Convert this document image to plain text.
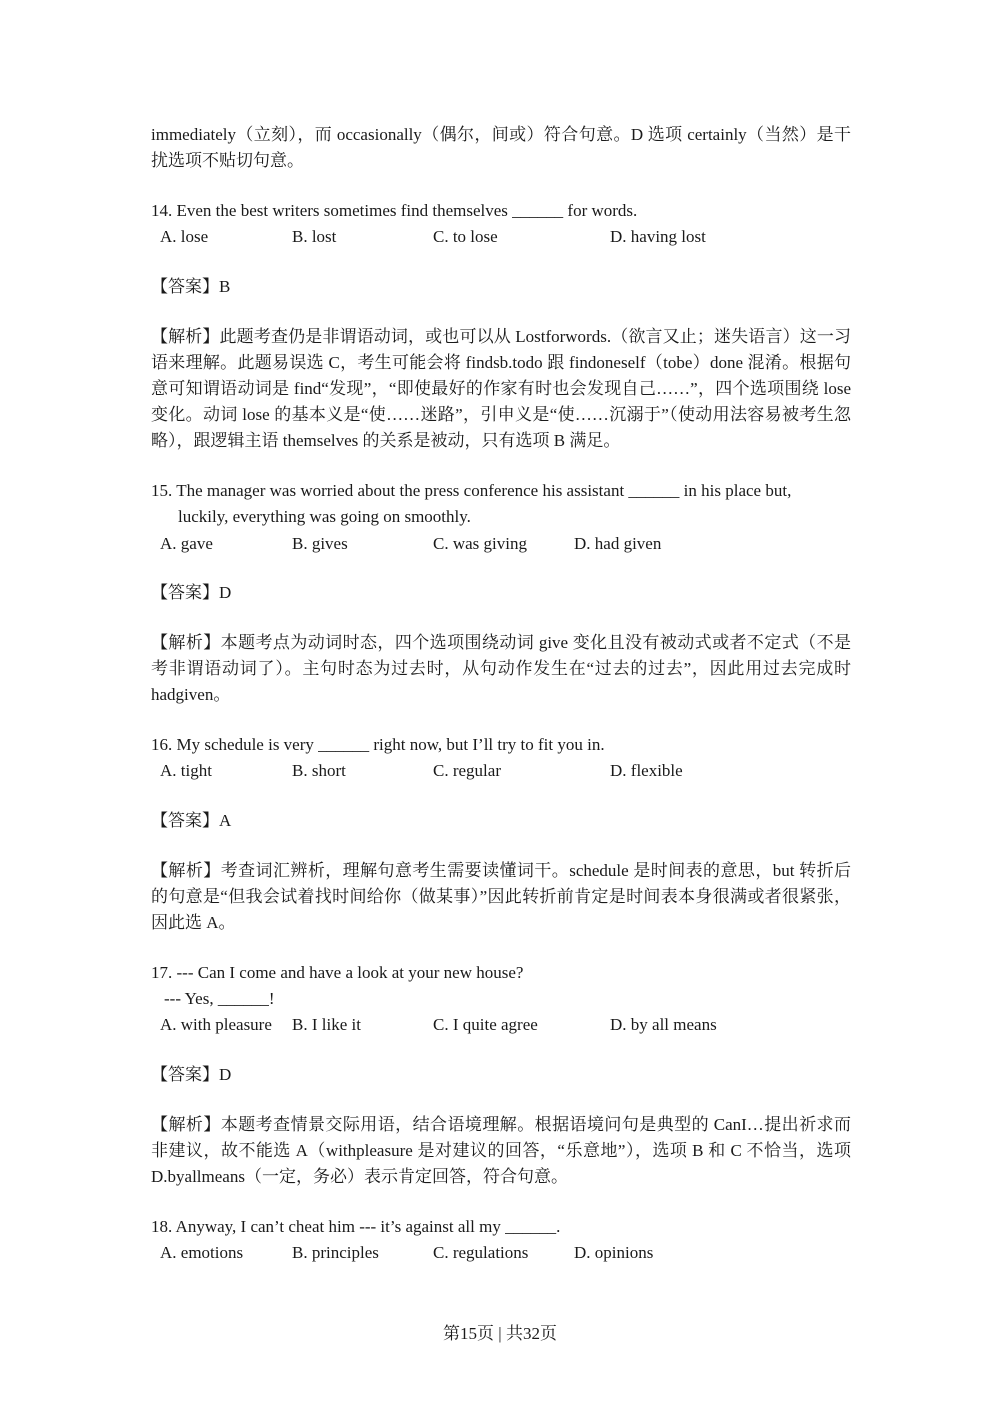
immediately（立刻），而 occasionally（偶尔，间或）符合句意。D 选项 certainly（当然）是干扰选项不贴切句意。

14. Even the best writers sometimes find themselves ______ for words.

A. lose	B. lost	C. to lose	D. having lost
【答案】B

【解析】此题考查仍是非谓语动词，或也可以从 Lostforwords.（欲言又止；迷失语言）这一习语来理解。此题易误选 C，考生可能会将 findsb.todo 跟 findoneself（tobe）done 混淆。根据句意可知谓语动词是 find“发现”，“即使最好的作家有时也会发现自己……”，四个选项围绕 lose 变化。动词 lose 的基本义是“使……迷路”，引申义是“使……沉溺于”（使动用法容易被考生忽略），跟逻辑主语 themselves 的关系是被动，只有选项 B 满足。

15. The manager was worried about the press conference his assistant ______ in his place but,

luckily, everything was going on smoothly.

A. gave	B. gives	C. was giving	D. had given
【答案】D

【解析】本题考点为动词时态，四个选项围绕动词 give 变化且没有被动式或者不定式（不是考非谓语动词了）。主句时态为过去时，从句动作发生在“过去的过去”，因此用过去完成时 hadgiven。

16. My schedule is very ______ right now, but I’ll try to fit you in.

A. tight	B. short	C. regular	D. flexible
【答案】A

【解析】考查词汇辨析，理解句意考生需要读懂词干。schedule 是时间表的意思，but 转折后的句意是“但我会试着找时间给你（做某事）”因此转折前肯定是时间表本身很满或者很紧张，因此选 A。

17. --- Can I come and have a look at your new house?

--- Yes, ______!

A. with pleasure B. I like it	C. I quite agree	D. by all means
【答案】D

【解析】本题考查情景交际用语，结合语境理解。根据语境问句是典型的 CanI…提出祈求而非建议，故不能选 A（withpleasure 是对建议的回答，“乐意地”），选项 B 和 C 不恰当，选项 D.byallmeans（一定，务必）表示肯定回答，符合句意。

18. Anyway, I can’t cheat him --- it’s against all my ______.

A. emotions	B. principles	C. regulations	D. opinions
第15页 | 共32页
